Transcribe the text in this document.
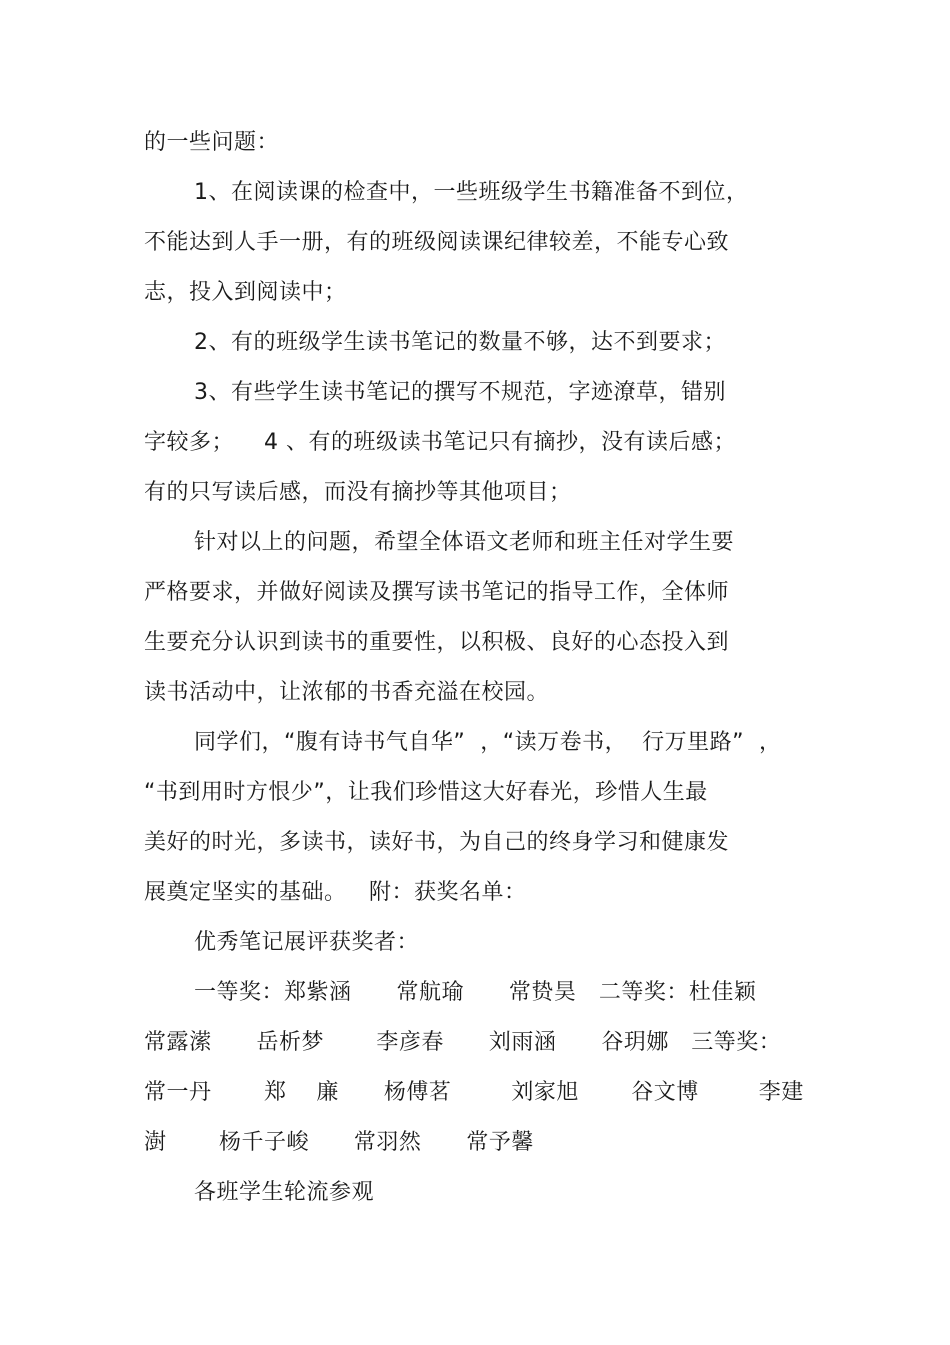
的一些问题：
1、在阅读课的检查中，一些班级学生书籍准备不到位，
不能达到人手一册，有的班级阅读课纪律较差，不能专心致
志，投入到阅读中；
2、有的班级学生读书笔记的数量不够，达不到要求；
3、有些学生读书笔记的撰写不规范，字迹潦草，错别
字较多；    4 、有的班级读书笔记只有摘抄，没有读后感；
有的只写读后感，而没有摘抄等其他项目；
针对以上的问题，希望全体语文老师和班主任对学生要
严格要求，并做好阅读及撰写读书笔记的指导工作，全体师
生要充分认识到读书的重要性，以积极、良好的心态投入到
读书活动中，让浓郁的书香充溢在校园。
同学们，“腹有诗书气自华”  ，“读万卷书，  行万里路”  ，
“书到用时方恨少”，让我们珍惜这大好春光，珍惜人生最
美好的时光，多读书，读好书，为自己的终身学习和健康发
展奠定坚实的基础。   附：获奖名单：
优秀笔记展评获奖者：
一等奖：郑紫涵      常航瑜      常贽昊   二等奖：杜佳颖
常露潆      岳析梦       李彦春      刘雨涵      谷玥娜   三等奖：
常一丹       郑    廉      杨傅茗        刘家旭       谷文博        李建
澍       杨千子峻      常羽然      常予馨
各班学生轮流参观
